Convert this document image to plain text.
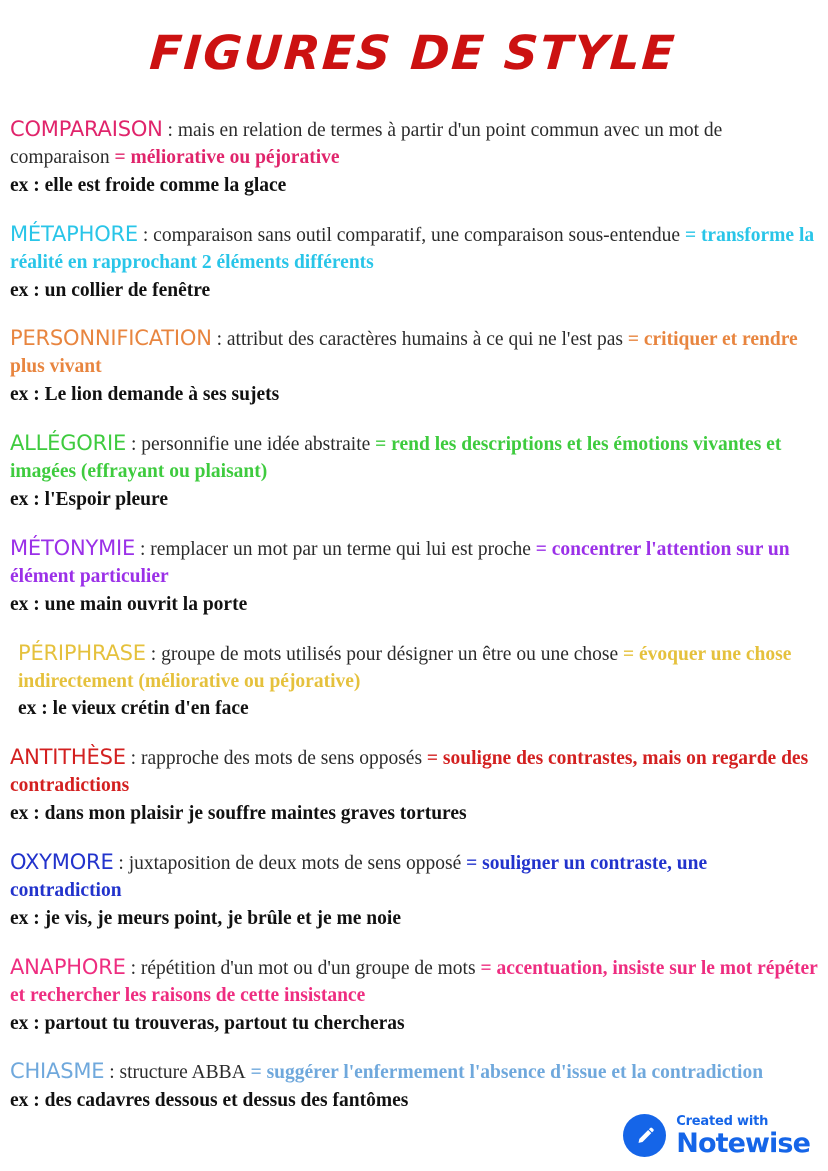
FIGURES DE STYLE

COMPARAISON : mais en relation de termes à partir d'un point commun avec un mot de comparaison = méliorative ou péjorative

ex : elle est froide comme la glace

MÉTAPHORE : comparaison sans outil comparatif, une comparaison sous-entendue = transforme la réalité en rapprochant 2 éléments différents

ex : un collier de fenêtre

PERSONNIFICATION : attribut des caractères humains à ce qui ne l'est pas = critiquer et rendre plus vivant

ex : Le lion demande à ses sujets

ALLÉGORIE : personnifie une idée abstraite = rend les descriptions et les émotions vivantes et imagées (effrayant ou plaisant)

ex : l'Espoir pleure

MÉTONYMIE : remplacer un mot par un terme qui lui est proche = concentrer l'attention sur un élément particulier

ex : une main ouvrit la porte

PÉRIPHRASE : groupe de mots utilisés pour désigner un être ou une chose = évoquer une chose indirectement (méliorative ou péjorative)

ex : le vieux crétin d'en face

ANTITHÈSE : rapproche des mots de sens opposés = souligne des contrastes, mais on regarde des contradictions

ex : dans mon plaisir je souffre maintes graves tortures

OXYMORE : juxtaposition de deux mots de sens opposé = souligner un contraste, une contradiction

ex : je vis, je meurs point, je brûle et je me noie

ANAPHORE : répétition d'un mot ou d'un groupe de mots = accentuation, insiste sur le mot répéter et rechercher les raisons de cette insistance

ex : partout tu trouveras, partout tu chercheras

CHIASME : structure ABBA = suggérer l'enfermement l'absence d'issue et la contradiction

ex : des cadavres dessous et dessus des fantômes

Created with
Notewise
